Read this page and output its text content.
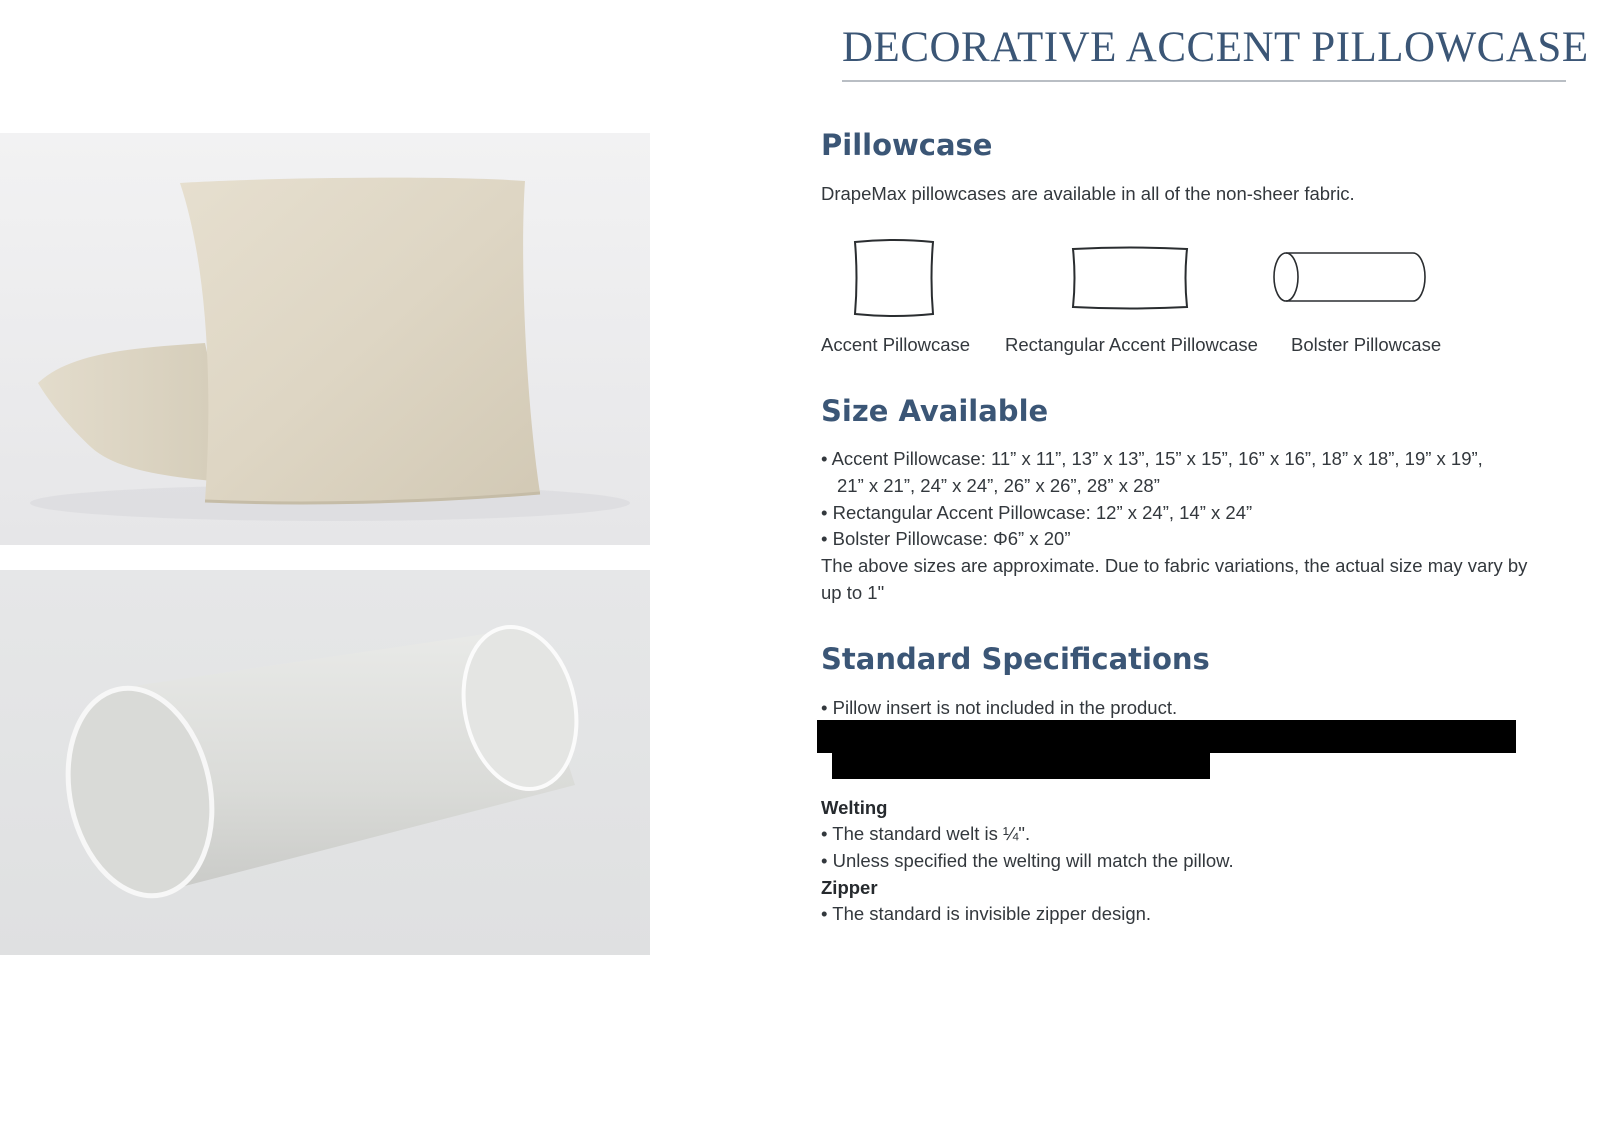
DECORATIVE ACCENT PILLOWCASE
Pillowcase

DrapeMax pillowcases are available in all of the non-sheer fabric.

Accent Pillowcase Rectangular Accent Pillowcase Bolster Pillowcase
Size Available

• Accent Pillowcase: 11” x 11”, 13” x 13”, 15” x 15”, 16” x 16”, 18” x 18”, 19” x 19”,

21” x 21”, 24” x 24”, 26” x 26”, 28” x 28”

• Rectangular Accent Pillowcase: 12” x 24”, 14” x 24”

• Bolster Pillowcase: Φ6” x 20”

The above sizes are approximate. Due to fabric variations, the actual size may vary by

up to 1"

Standard Specifications

• Pillow insert is not included in the product.

Welting

• The standard welt is ¼".

• Unless specified the welting will match the pillow.

Zipper

• The standard is invisible zipper design.
